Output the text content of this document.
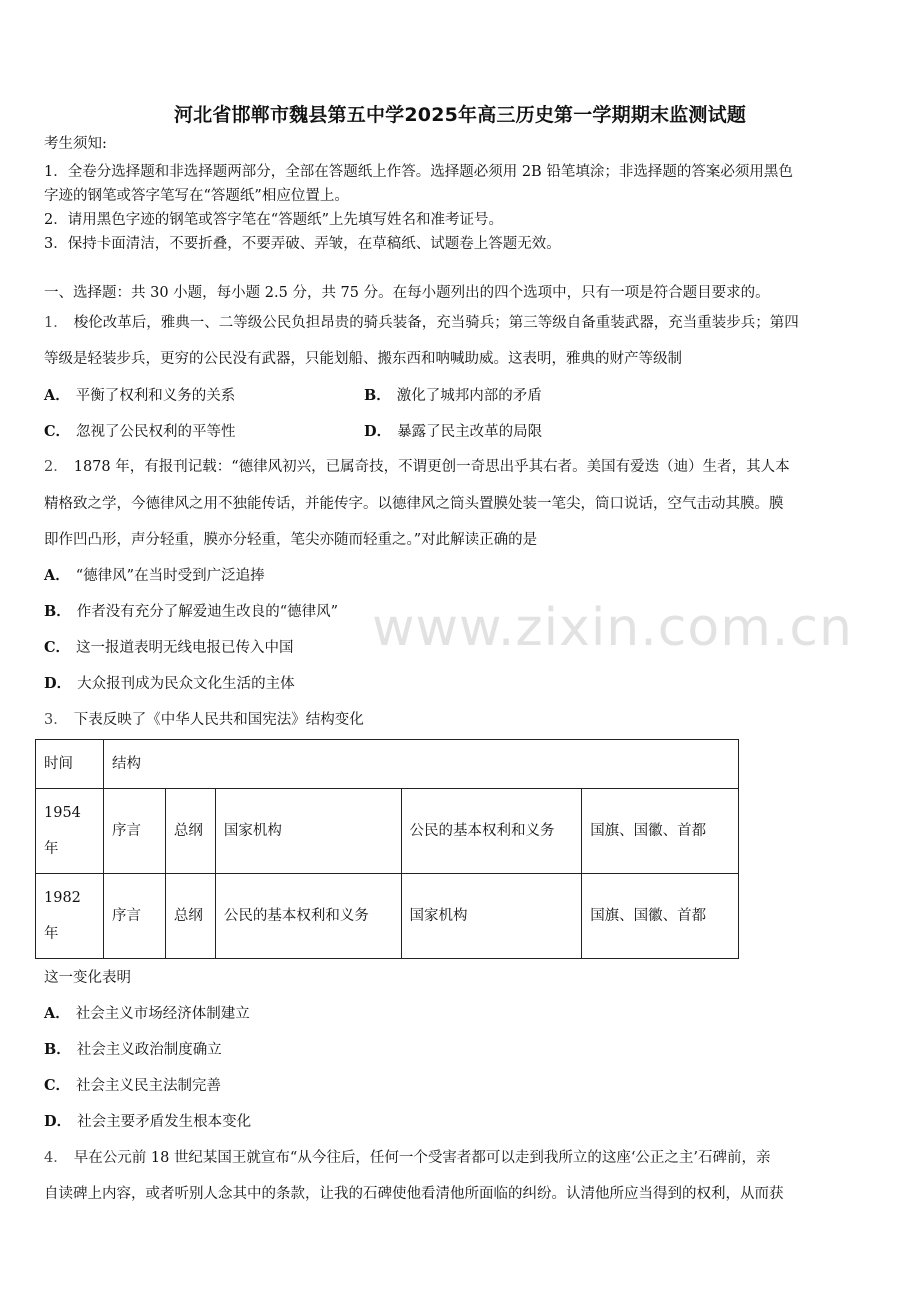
河北省邯郸市魏县第五中学2025年高三历史第一学期期末监测试题
考生须知:
1．全卷分选择题和非选择题两部分，全部在答题纸上作答。选择题必须用 2B 铅笔填涂；非选择题的答案必须用黑色
字迹的钢笔或答字笔写在“答题纸”相应位置上。
2．请用黑色字迹的钢笔或答字笔在“答题纸”上先填写姓名和准考证号。
3．保持卡面清洁，不要折叠，不要弄破、弄皱，在草稿纸、试题卷上答题无效。
一、选择题：共 30 小题，每小题 2.5 分，共 75 分。在每小题列出的四个选项中，只有一项是符合题目要求的。
1． 梭伦改革后，雅典一、二等级公民负担昂贵的骑兵装备，充当骑兵；第三等级自备重装武器，充当重装步兵；第四
等级是轻装步兵，更穷的公民没有武器，只能划船、搬东西和呐喊助威。这表明，雅典的财产等级制
A． 平衡了权利和义务的关系	B． 激化了城邦内部的矛盾
C． 忽视了公民权利的平等性	D． 暴露了民主改革的局限
2． 1878 年，有报刊记载：“德律风初兴，已属奇技，不谓更创一奇思出乎其右者。美国有爱迭（迪）生者，其人本
精格致之学，今德律风之用不独能传话，并能传字。以德律风之筒头置膜处装一笔尖，筒口说话，空气击动其膜。膜
即作凹凸形，声分轻重，膜亦分轻重，笔尖亦随而轻重之。”对此解读正确的是
A． “德律风”在当时受到广泛追捧
B． 作者没有充分了解爱迪生改良的“德律风”
C． 这一报道表明无线电报已传入中国
D． 大众报刊成为民众文化生活的主体
www.zixin.com.cn
3． 下表反映了《中华人民共和国宪法》结构变化
时间	结构				
1954
年	序言	总纲	国家机构	公民的基本权利和义务	国旗、国徽、首都
1982
年	序言	总纲	公民的基本权利和义务	国家机构	国旗、国徽、首都
这一变化表明
A． 社会主义市场经济体制建立
B． 社会主义政治制度确立
C． 社会主义民主法制完善
D． 社会主要矛盾发生根本变化
4． 早在公元前 18 世纪某国王就宣布“从今往后，任何一个受害者都可以走到我所立的这座‘公正之主’石碑前，亲
自读碑上内容，或者听别人念其中的条款，让我的石碑使他看清他所面临的纠纷。认清他所应当得到的权利，从而获
